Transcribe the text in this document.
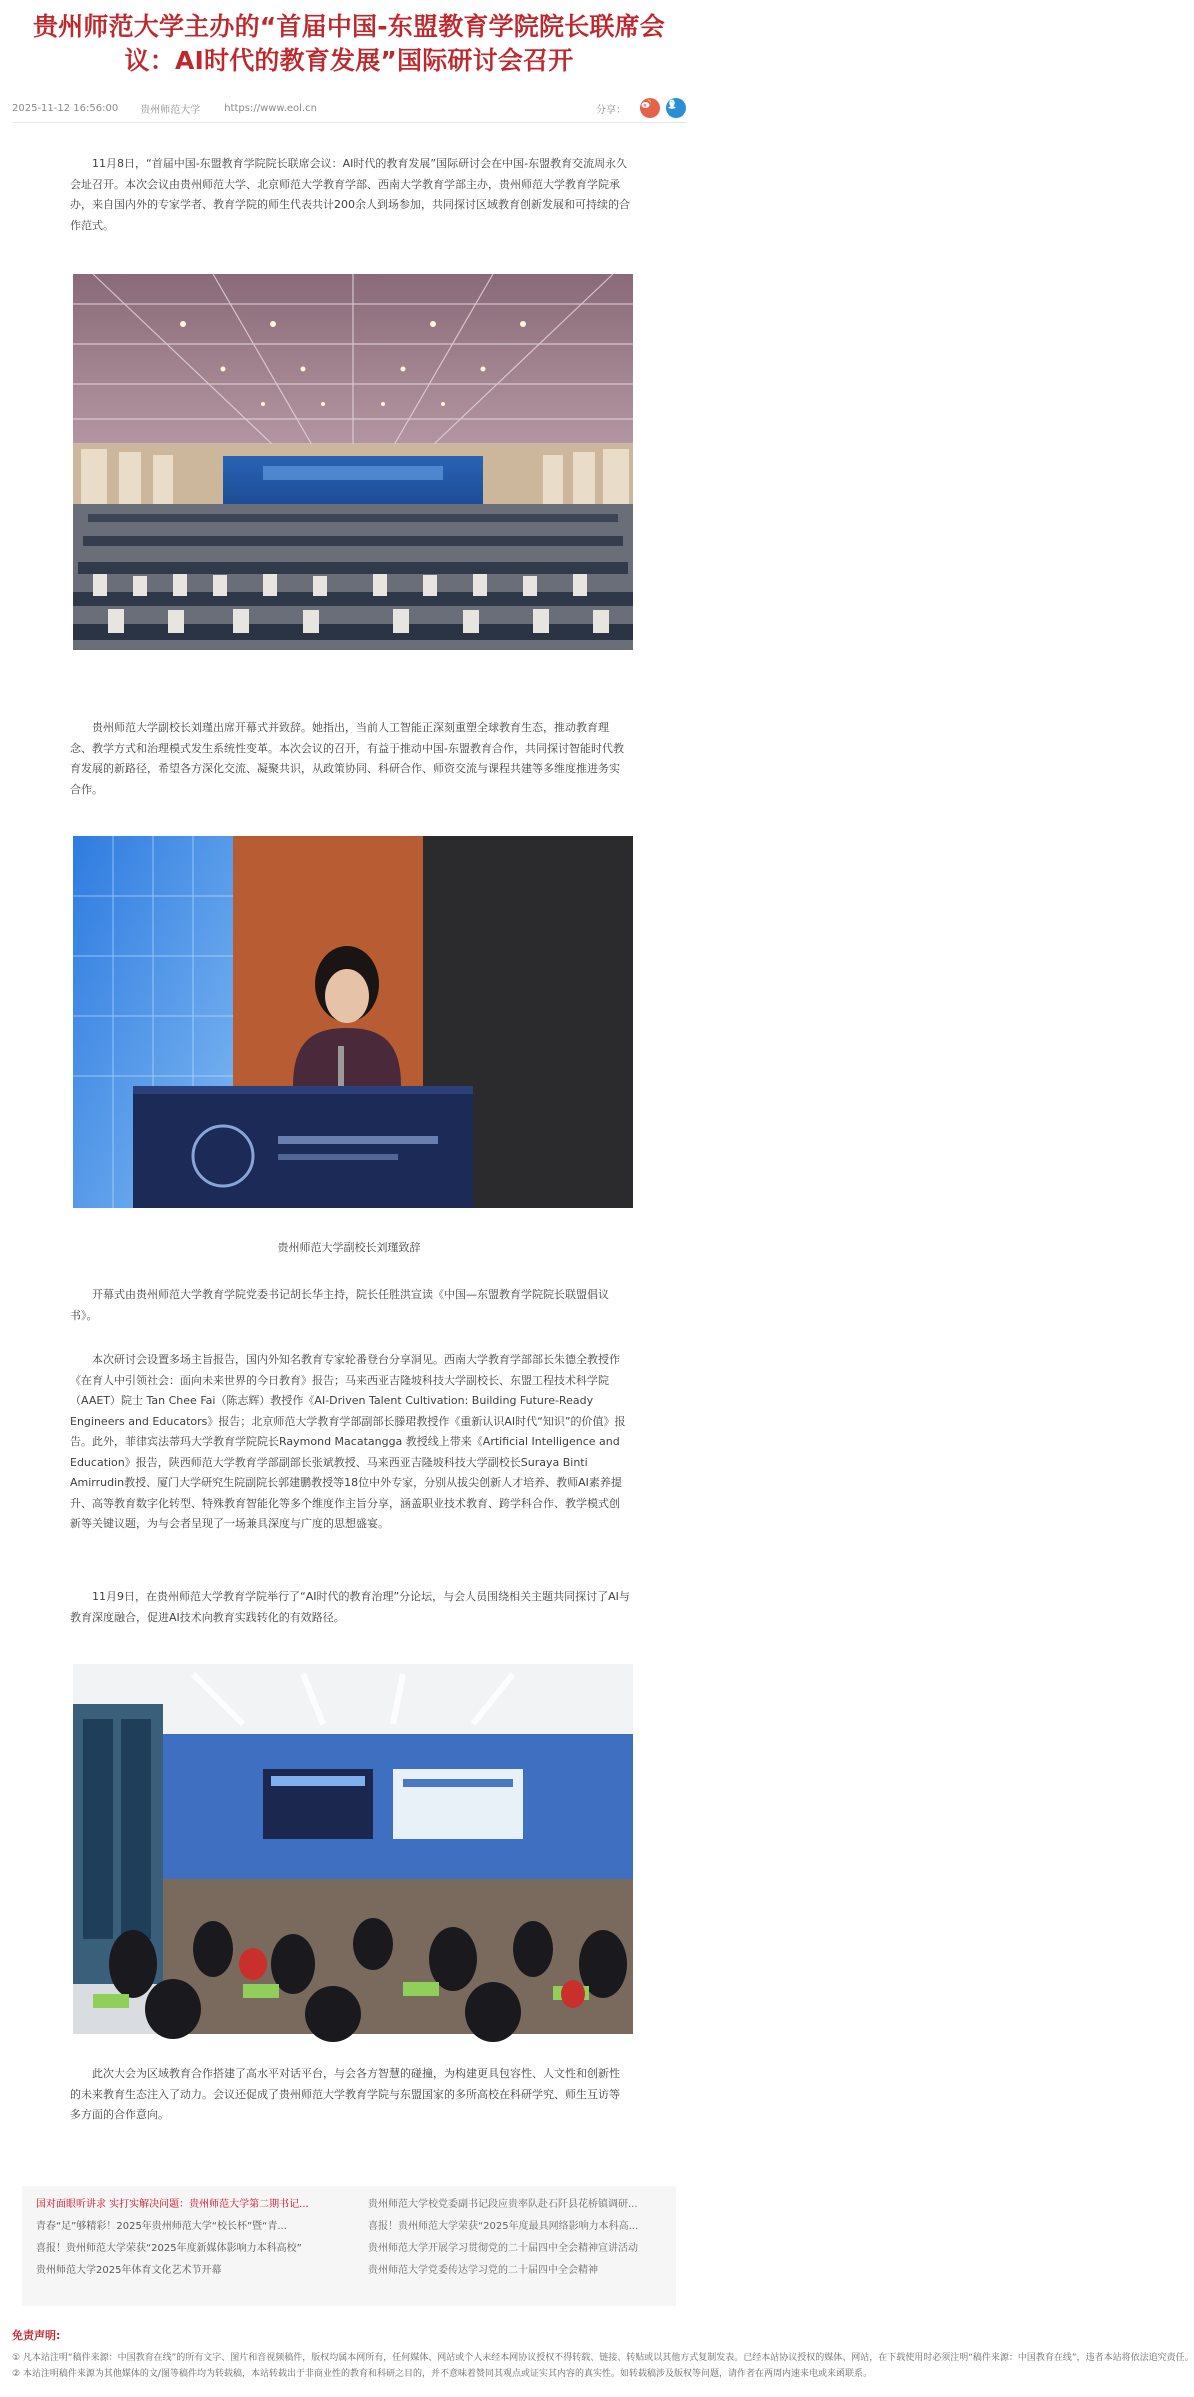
贵州师范大学主办的“首届中国-东盟教育学院院长联席会议：AI时代的教育发展”国际研讨会召开
2025-11-12 16:56:00 贵州师范大学 https://www.eol.cn	分享：

11月8日，“首届中国-东盟教育学院院长联席会议：AI时代的教育发展”国际研讨会在中国-东盟教育交流周永久会址召开。本次会议由贵州师范大学、北京师范大学教育学部、西南大学教育学部主办，贵州师范大学教育学院承办，来自国内外的专家学者、教育学院的师生代表共计200余人到场参加，共同探讨区域教育创新发展和可持续的合作范式。

贵州师范大学副校长刘瑾出席开幕式并致辞。她指出，当前人工智能正深刻重塑全球教育生态，推动教育理念、教学方式和治理模式发生系统性变革。本次会议的召开，有益于推动中国-东盟教育合作，共同探讨智能时代教育发展的新路径，希望各方深化交流、凝聚共识，从政策协同、科研合作、师资交流与课程共建等多维度推进务实合作。

贵州师范大学副校长刘瑾致辞

开幕式由贵州师范大学教育学院党委书记胡长华主持，院长任胜洪宣读《中国—东盟教育学院院长联盟倡议书》。

本次研讨会设置多场主旨报告，国内外知名教育专家轮番登台分享洞见。西南大学教育学部部长朱德全教授作《在育人中引领社会：面向未来世界的今日教育》报告；马来西亚吉隆坡科技大学副校长、东盟工程技术科学院（AAET）院士 Tan Chee Fai（陈志辉）教授作《AI-Driven Talent Cultivation: Building Future-Ready Engineers and Educators》报告；北京师范大学教育学部副部长滕珺教授作《重新认识AI时代“知识”的价值》报告。此外，菲律宾法蒂玛大学教育学院院长Raymond Macatangga 教授线上带来《Artificial Intelligence and Education》报告，陕西师范大学教育学部副部长张斌教授、马来西亚吉隆坡科技大学副校长Suraya Binti Amirrudin教授、厦门大学研究生院副院长郭建鹏教授等18位中外专家，分别从拔尖创新人才培养、教师AI素养提升、高等教育数字化转型、特殊教育智能化等多个维度作主旨分享，涵盖职业技术教育、跨学科合作、教学模式创新等关键议题，为与会者呈现了一场兼具深度与广度的思想盛宴。

11月9日，在贵州师范大学教育学院举行了“AI时代的教育治理”分论坛，与会人员围绕相关主题共同探讨了AI与教育深度融合，促进AI技术向教育实践转化的有效路径。

此次大会为区域教育合作搭建了高水平对话平台，与会各方智慧的碰撞，为构建更具包容性、人文性和创新性的未来教育生态注入了动力。会议还促成了贵州师范大学教育学院与东盟国家的多所高校在科研学究、师生互访等多方面的合作意向。

国对面眼听讲求 实打实解决问题：贵州师范大学第二期书记...
青春“足”够精彩！2025年贵州师范大学“校长杯”暨“青...
喜报！贵州师范大学荣获“2025年度新媒体影响力本科高校”
贵州师范大学2025年体育文化艺术节开幕
贵州师范大学校党委副书记段应贵率队赴石阡县花桥镇调研...
喜报！贵州师范大学荣获“2025年度最具网络影响力本科高...
贵州师范大学开展学习贯彻党的二十届四中全会精神宣讲活动
贵州师范大学党委传达学习党的二十届四中全会精神
免责声明:
① 凡本站注明“稿件来源：中国教育在线”的所有文字、图片和音视频稿件，版权均属本网所有，任何媒体、网站或个人未经本网协议授权不得转载、链接、转贴或以其他方式复制发表。已经本站协议授权的媒体、网站，在下载使用时必须注明“稿件来源：中国教育在线”，违者本站将依法追究责任。
② 本站注明稿件来源为其他媒体的文/图等稿件均为转载稿，本站转载出于非商业性的教育和科研之目的，并不意味着赞同其观点或证实其内容的真实性。如转载稿涉及版权等问题，请作者在两周内速来电或来函联系。
